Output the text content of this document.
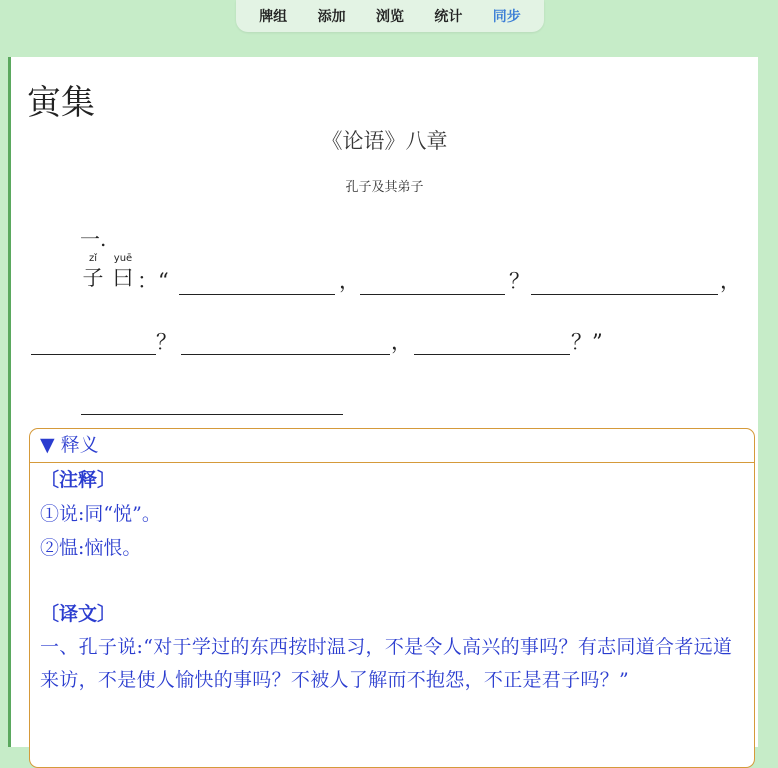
牌组 添加 浏览 统计 同步
寅集
《论语》八章
孔子及其弟子
一.
zǐ
子
yuē
曰 ：“	，	？	，
？	，	？”
▼ 释义
〔注释〕
①说:同“悦”。
②愠:恼恨。
〔译文〕
一、孔子说:“对于学过的东西按时温习，不是令人高兴的事吗？有志同道合者远道来访，不是使人愉快的事吗？不被人了解而不抱怨，不正是君子吗？”
